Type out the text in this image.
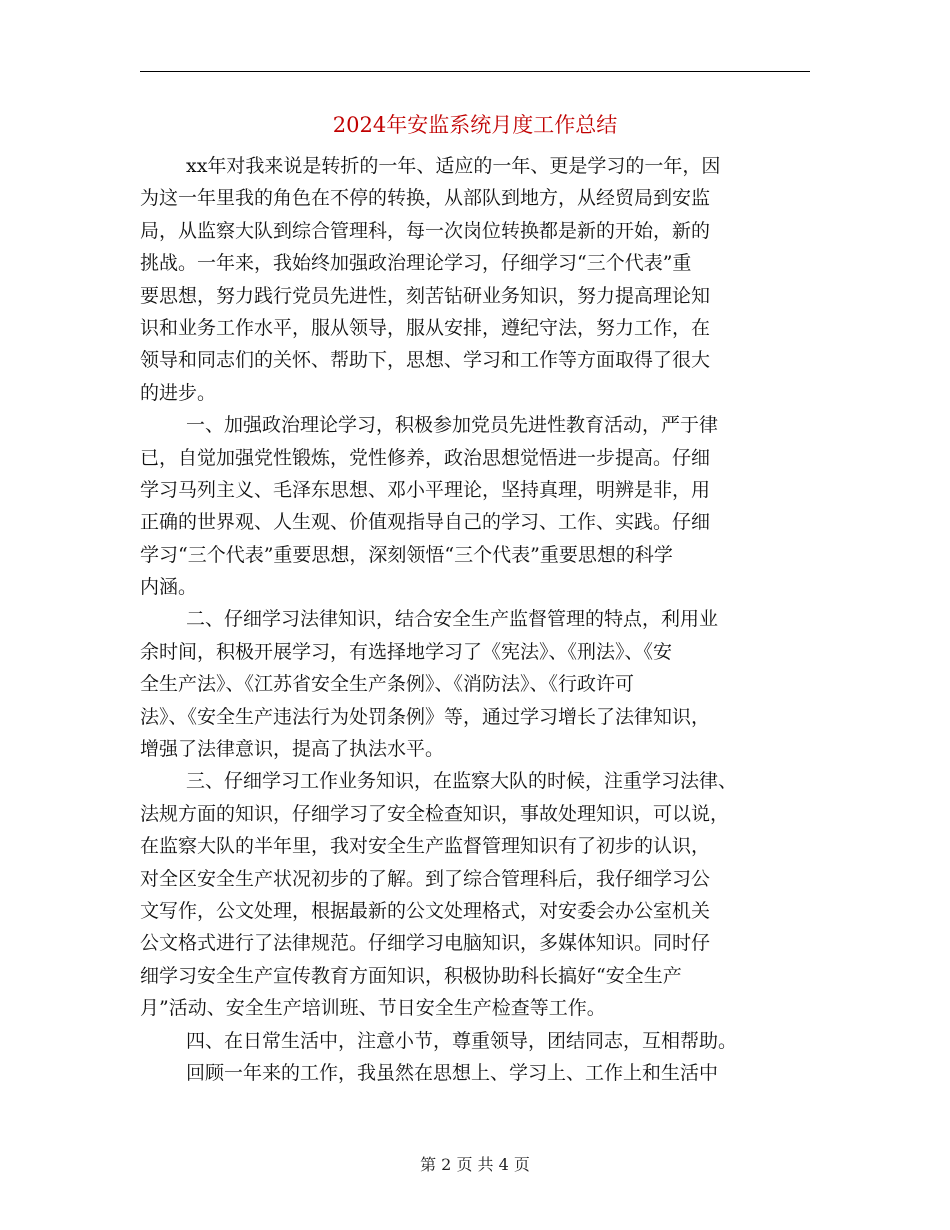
2024年安监系统月度工作总结
xx年对我来说是转折的一年、适应的一年、更是学习的一年，因
为这一年里我的角色在不停的转换，从部队到地方，从经贸局到安监
局，从监察大队到综合管理科，每一次岗位转换都是新的开始，新的
挑战。一年来，我始终加强政治理论学习，仔细学习“三个代表”重
要思想，努力践行党员先进性，刻苦钻研业务知识，努力提高理论知
识和业务工作水平，服从领导，服从安排，遵纪守法，努力工作，在
领导和同志们的关怀、帮助下，思想、学习和工作等方面取得了很大
的进步。
一、加强政治理论学习，积极参加党员先进性教育活动，严于律
已，自觉加强党性锻炼，党性修养，政治思想觉悟进一步提高。仔细
学习马列主义、毛泽东思想、邓小平理论，坚持真理，明辨是非，用
正确的世界观、人生观、价值观指导自己的学习、工作、实践。仔细
学习“三个代表”重要思想，深刻领悟“三个代表”重要思想的科学
内涵。
二、仔细学习法律知识，结合安全生产监督管理的特点，利用业
余时间，积极开展学习，有选择地学习了《宪法》、《刑法》、《安
全生产法》、《江苏省安全生产条例》、《消防法》、《行政许可
法》、《安全生产违法行为处罚条例》等，通过学习增长了法律知识，
增强了法律意识，提高了执法水平。
三、仔细学习工作业务知识，在监察大队的时候，注重学习法律、
法规方面的知识，仔细学习了安全检查知识，事故处理知识，可以说，
在监察大队的半年里，我对安全生产监督管理知识有了初步的认识，
对全区安全生产状况初步的了解。到了综合管理科后，我仔细学习公
文写作，公文处理，根据最新的公文处理格式，对安委会办公室机关
公文格式进行了法律规范。仔细学习电脑知识，多媒体知识。同时仔
细学习安全生产宣传教育方面知识，积极协助科长搞好“安全生产
月”活动、安全生产培训班、节日安全生产检查等工作。
四、在日常生活中，注意小节，尊重领导，团结同志，互相帮助。
回顾一年来的工作，我虽然在思想上、学习上、工作上和生活中
第 2 页 共 4 页
